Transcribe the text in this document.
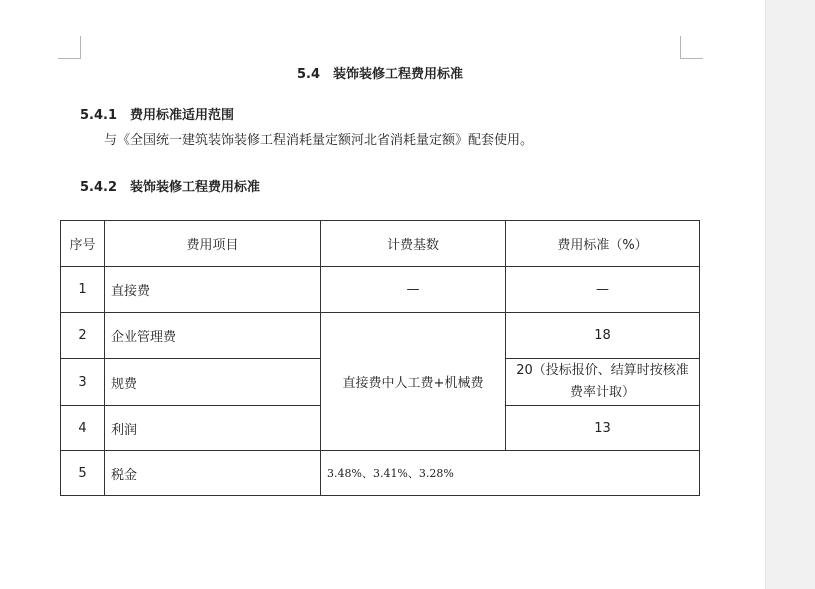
5.4　装饰装修工程费用标准
5.4.1　费用标准适用范围
与《全国统一建筑装饰装修工程消耗量定额河北省消耗量定额》配套使用。
5.4.2　装饰装修工程费用标准
序号	费用项目	计费基数	费用标准（%）
1	直接费	—	—
2	企业管理费	直接费中人工费+机械费	18
3	规费		20（投标报价、结算时按核准费率计取）
4	利润		13
5	税金	3.48%、3.41%、3.28%	
